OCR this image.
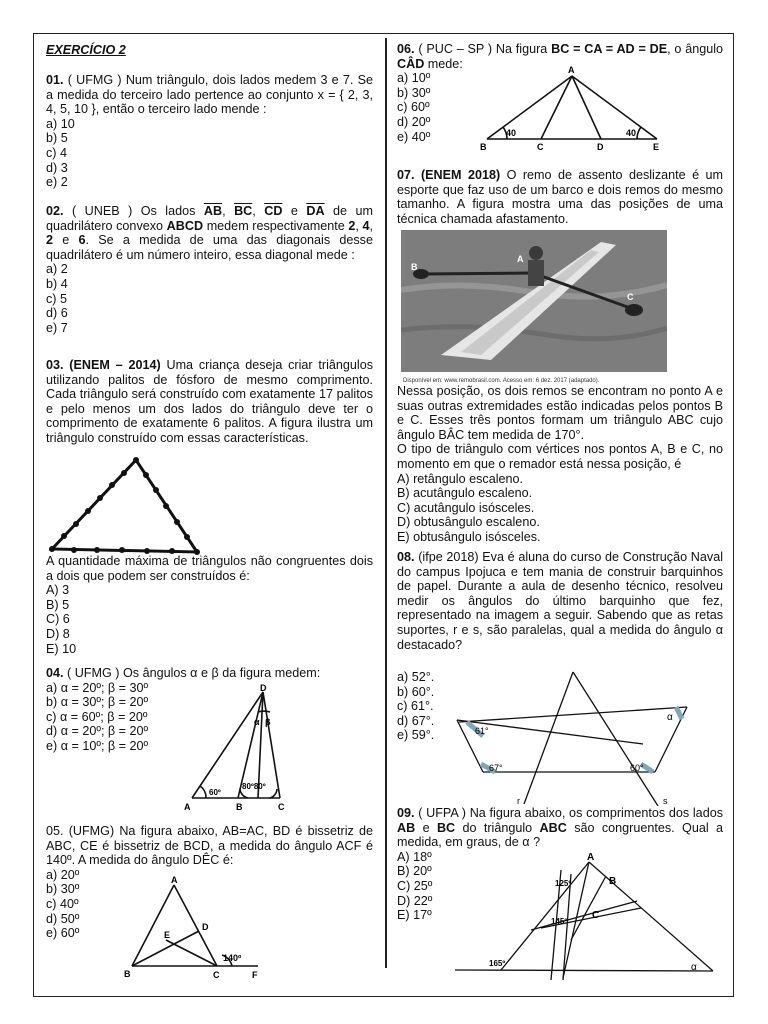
EXERCÍCIO 2

01. ( UFMG ) Num triângulo, dois lados medem 3 e 7. Se a medida do terceiro lado pertence ao conjunto x = { 2, 3, 4, 5, 10 }, então o terceiro lado mende :

a) 10
b) 5
c) 4
d) 3
e) 2

02. ( UNEB ) Os lados $\overline{AB}$, $\overline{BC}$, $\overline{CD}$ e $\overline{DA}$ de um quadrilátero convexo ABCD medem respectivamente 2, 4, 2 e 6. Se a medida de uma das diagonais desse quadrilátero é um número inteiro, essa diagonal mede :

a) 2
b) 4
c) 5
d) 6
e) 7

03. (ENEM – 2014) Uma criança deseja criar triângulos utilizando palitos de fósforo de mesmo comprimento. Cada triângulo será construído com exatamente 17 palitos e pelo menos um dos lados do triângulo deve ter o comprimento de exatamente 6 palitos. A figura ilustra um triângulo construído com essas características.

A quantidade máxima de triângulos não congruentes dois a dois que podem ser construídos é:

A) 3
B) 5
C) 6
D) 8
E) 10

04. ( UFMG ) Os ângulos α e β da figura medem:

a) α = 20º; β = 30º
b) α = 30º; β = 20º
c) α = 60º; β = 20º
d) α = 20º; β = 20º
e) α = 10º; β = 20º
D
A	B	C
α β
60º
80º80º

05. (UFMG) Na figura abaixo, AB=AC, BD é bissetriz de ABC, CE é bissetriz de BCD, a medida do ângulo ACF é 140º. A medida do ângulo DÊC é:

a) 20º
b) 30º
c) 40º
d) 50º
e) 60º
A
B	C
D
E
F
140º

06. ( PUC – SP ) Na figura BC = CA = AD = DE, o ângulo CÂD mede:

a) 10º
b) 30º
c) 60º
d) 20º
e) 40º
A
B	C	D	E
40	40

07. (ENEM 2018) O remo de assento deslizante é um esporte que faz uso de um barco e dois remos do mesmo tamanho. A figura mostra uma das posições de uma técnica chamada afastamento.

B
A
C
Disponível em: www.remobrasil.com. Acesso em: 6 dez. 2017 (adaptado).

Nessa posição, os dois remos se encontram no ponto A e suas outras extremidades estão indicadas pelos pontos B e C. Esses três pontos formam um triângulo ABC cujo ângulo BÂC tem medida de 170°.

O tipo de triângulo com vértices nos pontos A, B e C, no momento em que o remador está nessa posição, é

A) retângulo escaleno.
B) acutângulo escaleno.
C) acutângulo isósceles.
D) obtusângulo escaleno.
E) obtusângulo isósceles.

08. (ifpe 2018) Eva é aluna do curso de Construção Naval do campus Ipojuca e tem mania de construir barquinhos de papel. Durante a aula de desenho técnico, resolveu medir os ângulos do último barquinho que fez, representado na imagem a seguir. Sabendo que as retas suportes, r e s, são paralelas, qual a medida do ângulo α destacado?

a) 52°.
b) 60°.
c) 61°.
d) 67°.
e) 59°.	61°
67°	60°
α
r	s

09. ( UFPA ) Na figura abaixo, os comprimentos dos lados AB e BC do triângulo ABC são congruentes. Qual a medida, em graus, de α ?

A) 18º
B) 20º
C) 25º
D) 22º
E) 17º
A
B
C
125º
145º
165º	α
